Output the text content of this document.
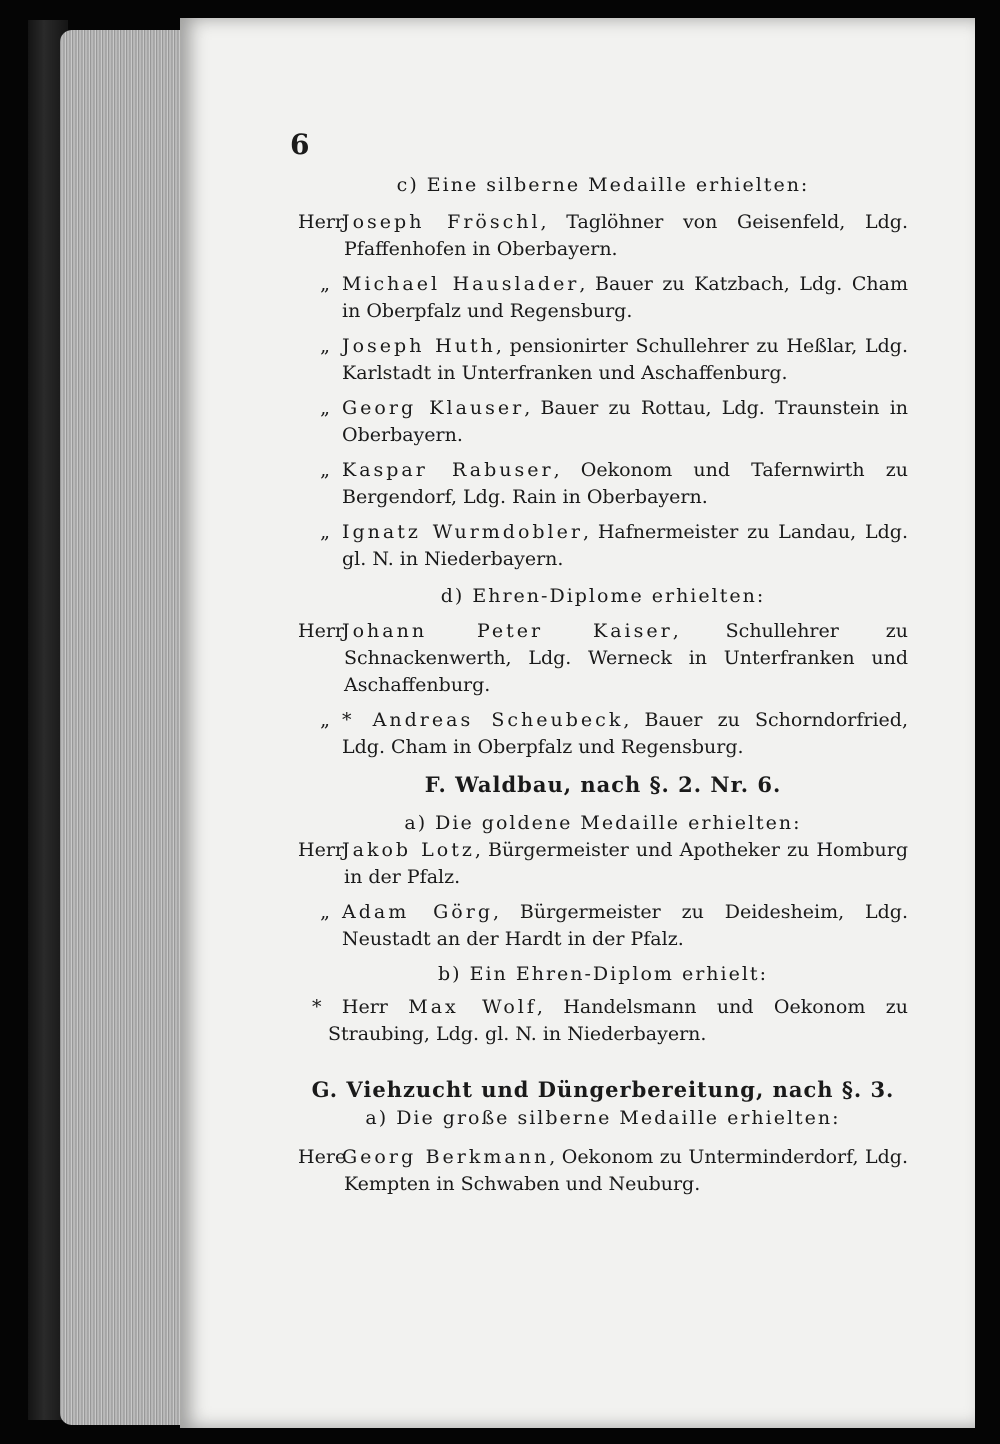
6

c) Eine silberne Medaille erhielten:

HerrJoseph Fröschl, Taglöhner von Geisenfeld, Ldg. Pfaffenhofen in Oberbayern.

„ Michael Hauslader, Bauer zu Katzbach, Ldg. Cham in Oberpfalz und Regensburg.

„ Joseph Huth, pensionirter Schullehrer zu Heßlar, Ldg. Karlstadt in Unterfranken und Aschaffenburg.

„ Georg Klauser, Bauer zu Rottau, Ldg. Traunstein in Oberbayern.

„ Kaspar Rabuser, Oekonom und Tafernwirth zu Bergendorf, Ldg. Rain in Oberbayern.

„ Ignatz Wurmdobler, Hafnermeister zu Landau, Ldg. gl. N. in Niederbayern.

d) Ehren-Diplome erhielten:

HerrJohann Peter Kaiser, Schullehrer zu Schnackenwerth, Ldg. Werneck in Unterfranken und Aschaffenburg.

„ * Andreas Scheubeck, Bauer zu Schorndorfried, Ldg. Cham in Oberpfalz und Regensburg.

F. Waldbau, nach §. 2. Nr. 6.

a) Die goldene Medaille erhielten:

HerrJakob Lotz, Bürgermeister und Apotheker zu Homburg in der Pfalz.

„ Adam Görg, Bürgermeister zu Deidesheim, Ldg. Neustadt an der Hardt in der Pfalz.

b) Ein Ehren-Diplom erhielt:

* Herr Max Wolf, Handelsmann und Oekonom zu Straubing, Ldg. gl. N. in Niederbayern.

G. Viehzucht und Düngerbereitung, nach §. 3.

a) Die große silberne Medaille erhielten:

HereGeorg Berkmann, Oekonom zu Unterminderdorf, Ldg. Kempten in Schwaben und Neuburg.
